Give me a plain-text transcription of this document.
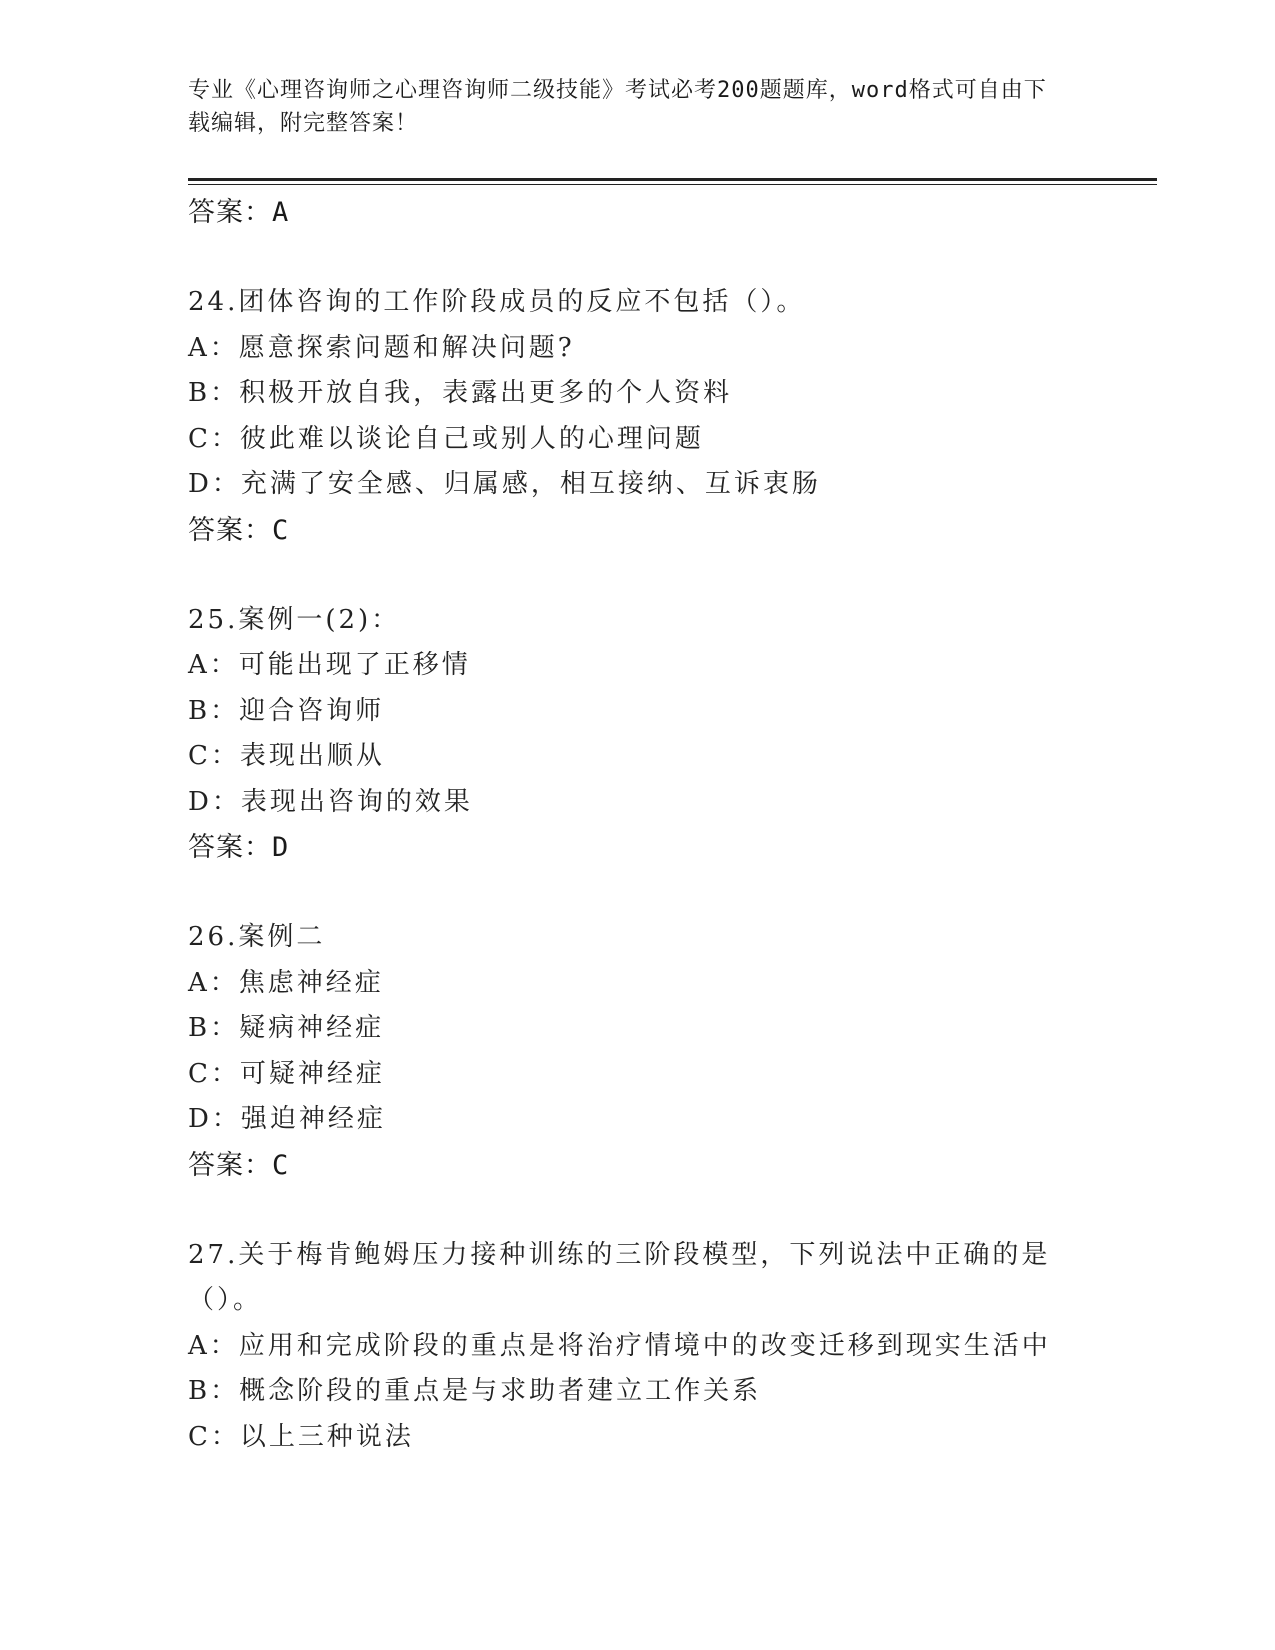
专业《心理咨询师之心理咨询师二级技能》考试必考200题题库，word格式可自由下载编辑，附完整答案！
答案：A
24.团体咨询的工作阶段成员的反应不包括（）。
A：愿意探索问题和解决问题?
B：积极开放自我，表露出更多的个人资料
C：彼此难以谈论自己或别人的心理问题
D：充满了安全感、归属感，相互接纳、互诉衷肠
答案：C
25.案例一(2)：
A：可能出现了正移情
B：迎合咨询师
C：表现出顺从
D：表现出咨询的效果
答案：D
26.案例二
A：焦虑神经症
B：疑病神经症
C：可疑神经症
D：强迫神经症
答案：C
27.关于梅肯鲍姆压力接种训练的三阶段模型，下列说法中正确的是（）。
A：应用和完成阶段的重点是将治疗情境中的改变迁移到现实生活中
B：概念阶段的重点是与求助者建立工作关系
C：以上三种说法
